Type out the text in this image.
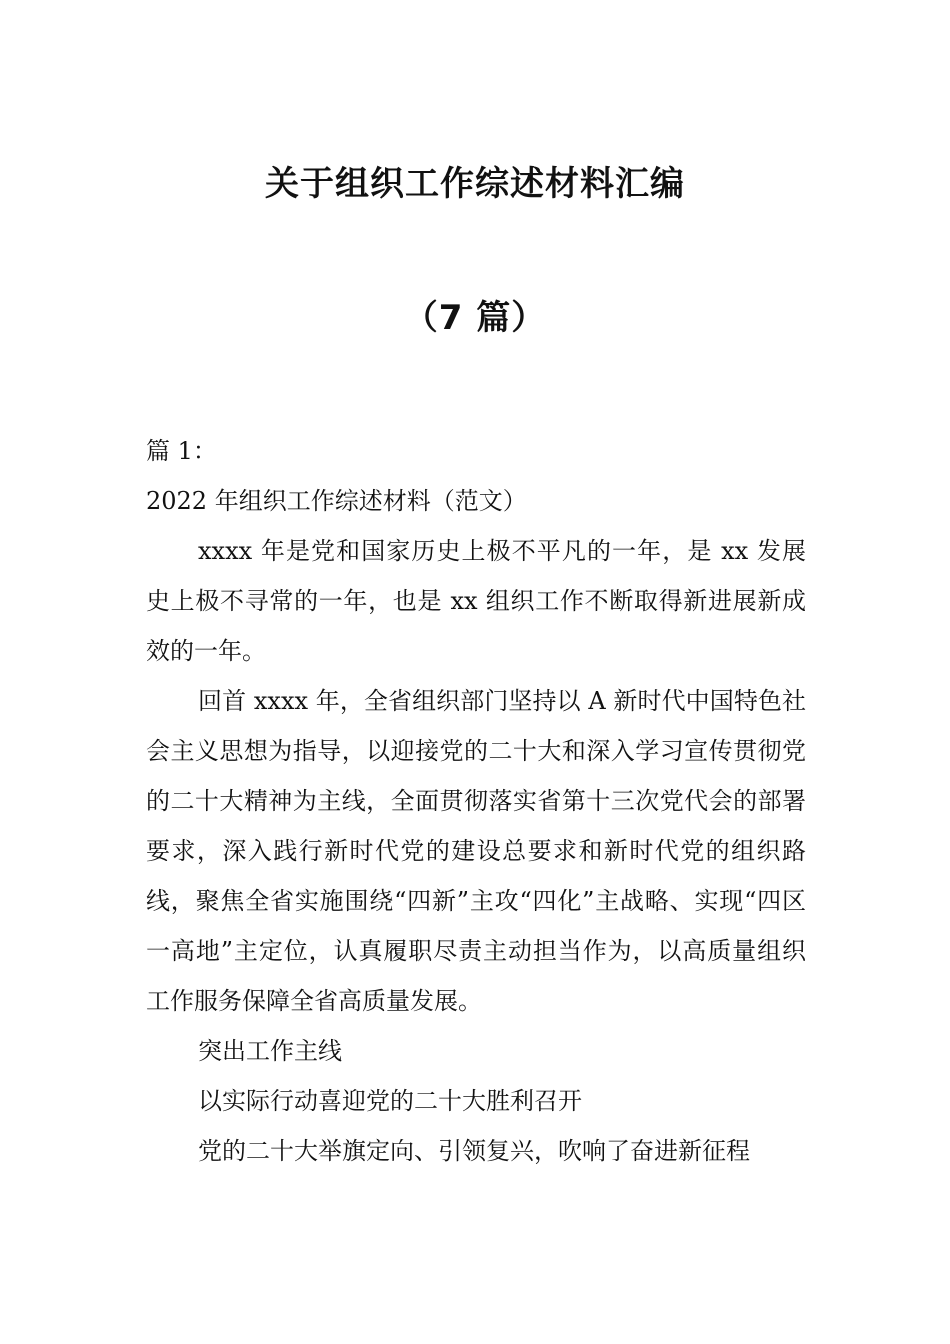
关于组织工作综述材料汇编
（7 篇）

篇 1：

2022 年组织工作综述材料（范文）

xxxx 年是党和国家历史上极不平凡的一年，是 xx 发展史上极不寻常的一年，也是 xx 组织工作不断取得新进展新成效的一年。

回首 xxxx 年，全省组织部门坚持以 A 新时代中国特色社会主义思想为指导，以迎接党的二十大和深入学习宣传贯彻党的二十大精神为主线，全面贯彻落实省第十三次党代会的部署要求，深入践行新时代党的建设总要求和新时代党的组织路线，聚焦全省实施围绕“四新”主攻“四化”主战略、实现“四区一高地”主定位，认真履职尽责主动担当作为，以高质量组织工作服务保障全省高质量发展。

突出工作主线

以实际行动喜迎党的二十大胜利召开

党的二十大举旗定向、引领复兴，吹响了奋进新征程
